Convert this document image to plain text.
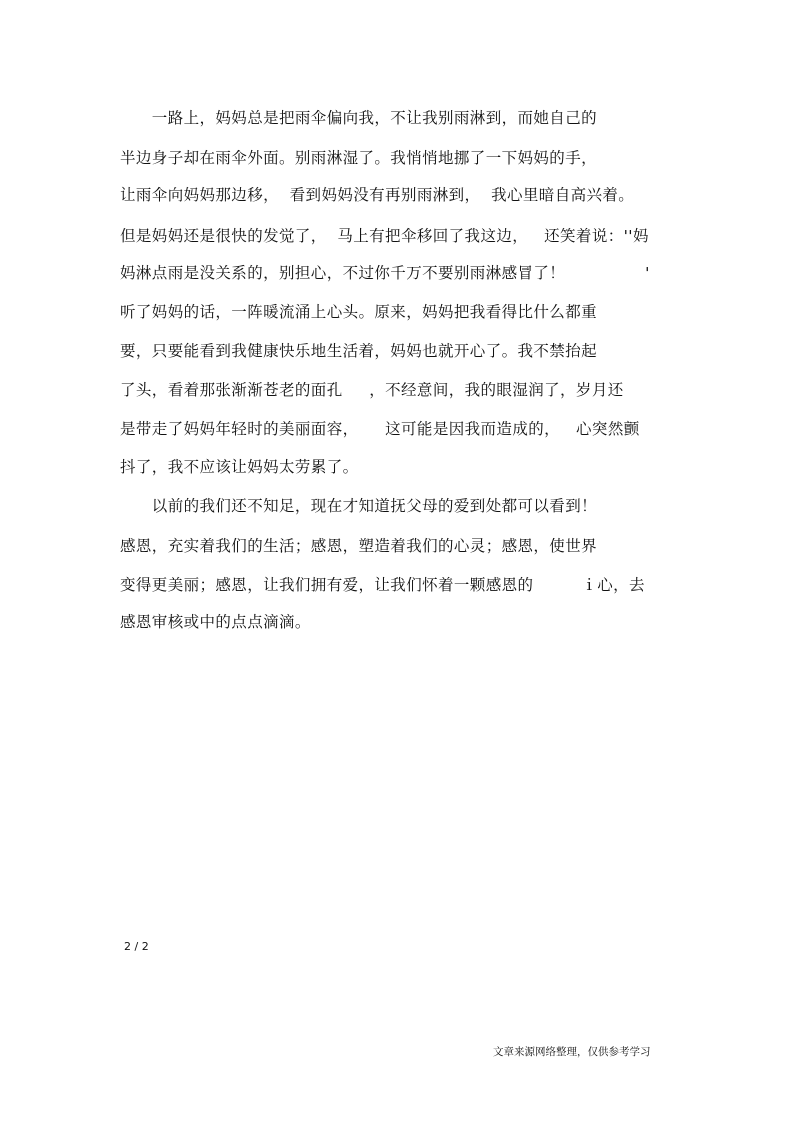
　　一路上，妈妈总是把雨伞偏向我，不让我别雨淋到，而她自己的
半边身子却在雨伞外面。别雨淋湿了。我悄悄地挪了一下妈妈的手，
让雨伞向妈妈那边移，  看到妈妈没有再别雨淋到，  我心里暗自高兴着。
但是妈妈还是很快的发觉了，  马上有把伞移回了我这边，   还笑着说：''妈
妈淋点雨是没关系的，别担心，不过你千万不要别雨淋感冒了！               '
听了妈妈的话，一阵暖流涌上心头。原来，妈妈把我看得比什么都重
要，只要能看到我健康快乐地生活着，妈妈也就开心了。我不禁抬起
了头，看着那张渐渐苍老的面孔     ，不经意间，我的眼湿润了，岁月还
是带走了妈妈年轻时的美丽面容，     这可能是因我而造成的，   心突然颤
抖了，我不应该让妈妈太劳累了。
　　以前的我们还不知足，现在才知道抚父母的爱到处都可以看到！
感恩，充实着我们的生活；感恩，塑造着我们的心灵；感恩，使世界
变得更美丽；感恩，让我们拥有爱，让我们怀着一颗感恩的         ｉ心，去
感恩审核或中的点点滴滴。
2 / 2
文章来源网络整理，仅供参考学习
